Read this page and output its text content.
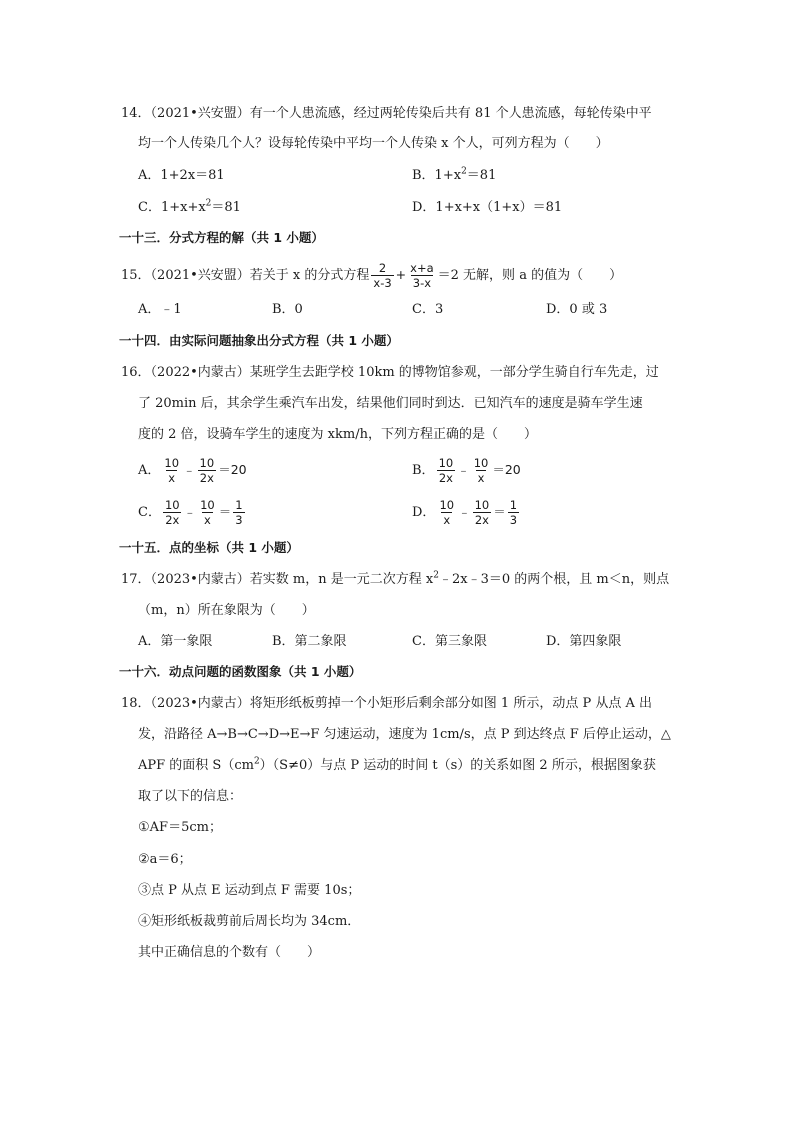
14．（2021•兴安盟）有一个人患流感，经过两轮传染后共有 81 个人患流感，每轮传染中平
均一个人传染几个人？设每轮传染中平均一个人传染 x 个人，可列方程为（　　）
A．1+2x＝81	B．$1+x^2=81$
C．$1+x+x^2=81$	D．1+x+x（1+x）＝81
一十三．分式方程的解（共 1 小题）
15．（2021•兴安盟）若关于 x 的分式方程 $\frac{2}{x-3} + \frac{x+a}{3-x} =2$ 无解，则 a 的值为（　　）
A．﹣1	B．0	C．3	D．0 或 3
一十四．由实际问题抽象出分式方程（共 1 小题）
16．（2022•内蒙古）某班学生去距学校 10km 的博物馆参观，一部分学生骑自行车先走，过
了 20min 后，其余学生乘汽车出发，结果他们同时到达．已知汽车的速度是骑车学生速
度的 2 倍，设骑车学生的速度为 xkm/h，下列方程正确的是（　　）
A． $\frac{10}{x}$ ﹣ $\frac{10}{2x} =20$	B． $\frac{10}{2x}$ ﹣ $\frac{10}{x} =20$
C． $\frac{10}{2x}$ ﹣ $\frac{10}{x} = \frac{1}{3}$	D． $\frac{10}{x}$ ﹣ $\frac{10}{2x} = \frac{1}{3}$
一十五．点的坐标（共 1 小题）
17．（2023•内蒙古）若实数 m，n 是一元二次方程 $x^2﹣2x﹣3=0$ 的两个根，且 m＜n，则点
（m，n）所在象限为（　　）
A．第一象限	B．第二象限	C．第三象限	D．第四象限
一十六．动点问题的函数图象（共 1 小题）
18．（2023•内蒙古）将矩形纸板剪掉一个小矩形后剩余部分如图 1 所示，动点 P 从点 A 出
发，沿路径 A→B→C→D→E→F 匀速运动，速度为 1cm/s，点 P 到达终点 F 后停止运动，△
APF 的面积 $S(cm^2)(S\ne 0)$与点 P 运动的时间 t（s）的关系如图 2 所示，根据图象获
取了以下的信息：
①AF＝5cm；
②a＝6；
③点 P 从点 E 运动到点 F 需要 10s；
④矩形纸板裁剪前后周长均为 34cm．
其中正确信息的个数有（　　）
